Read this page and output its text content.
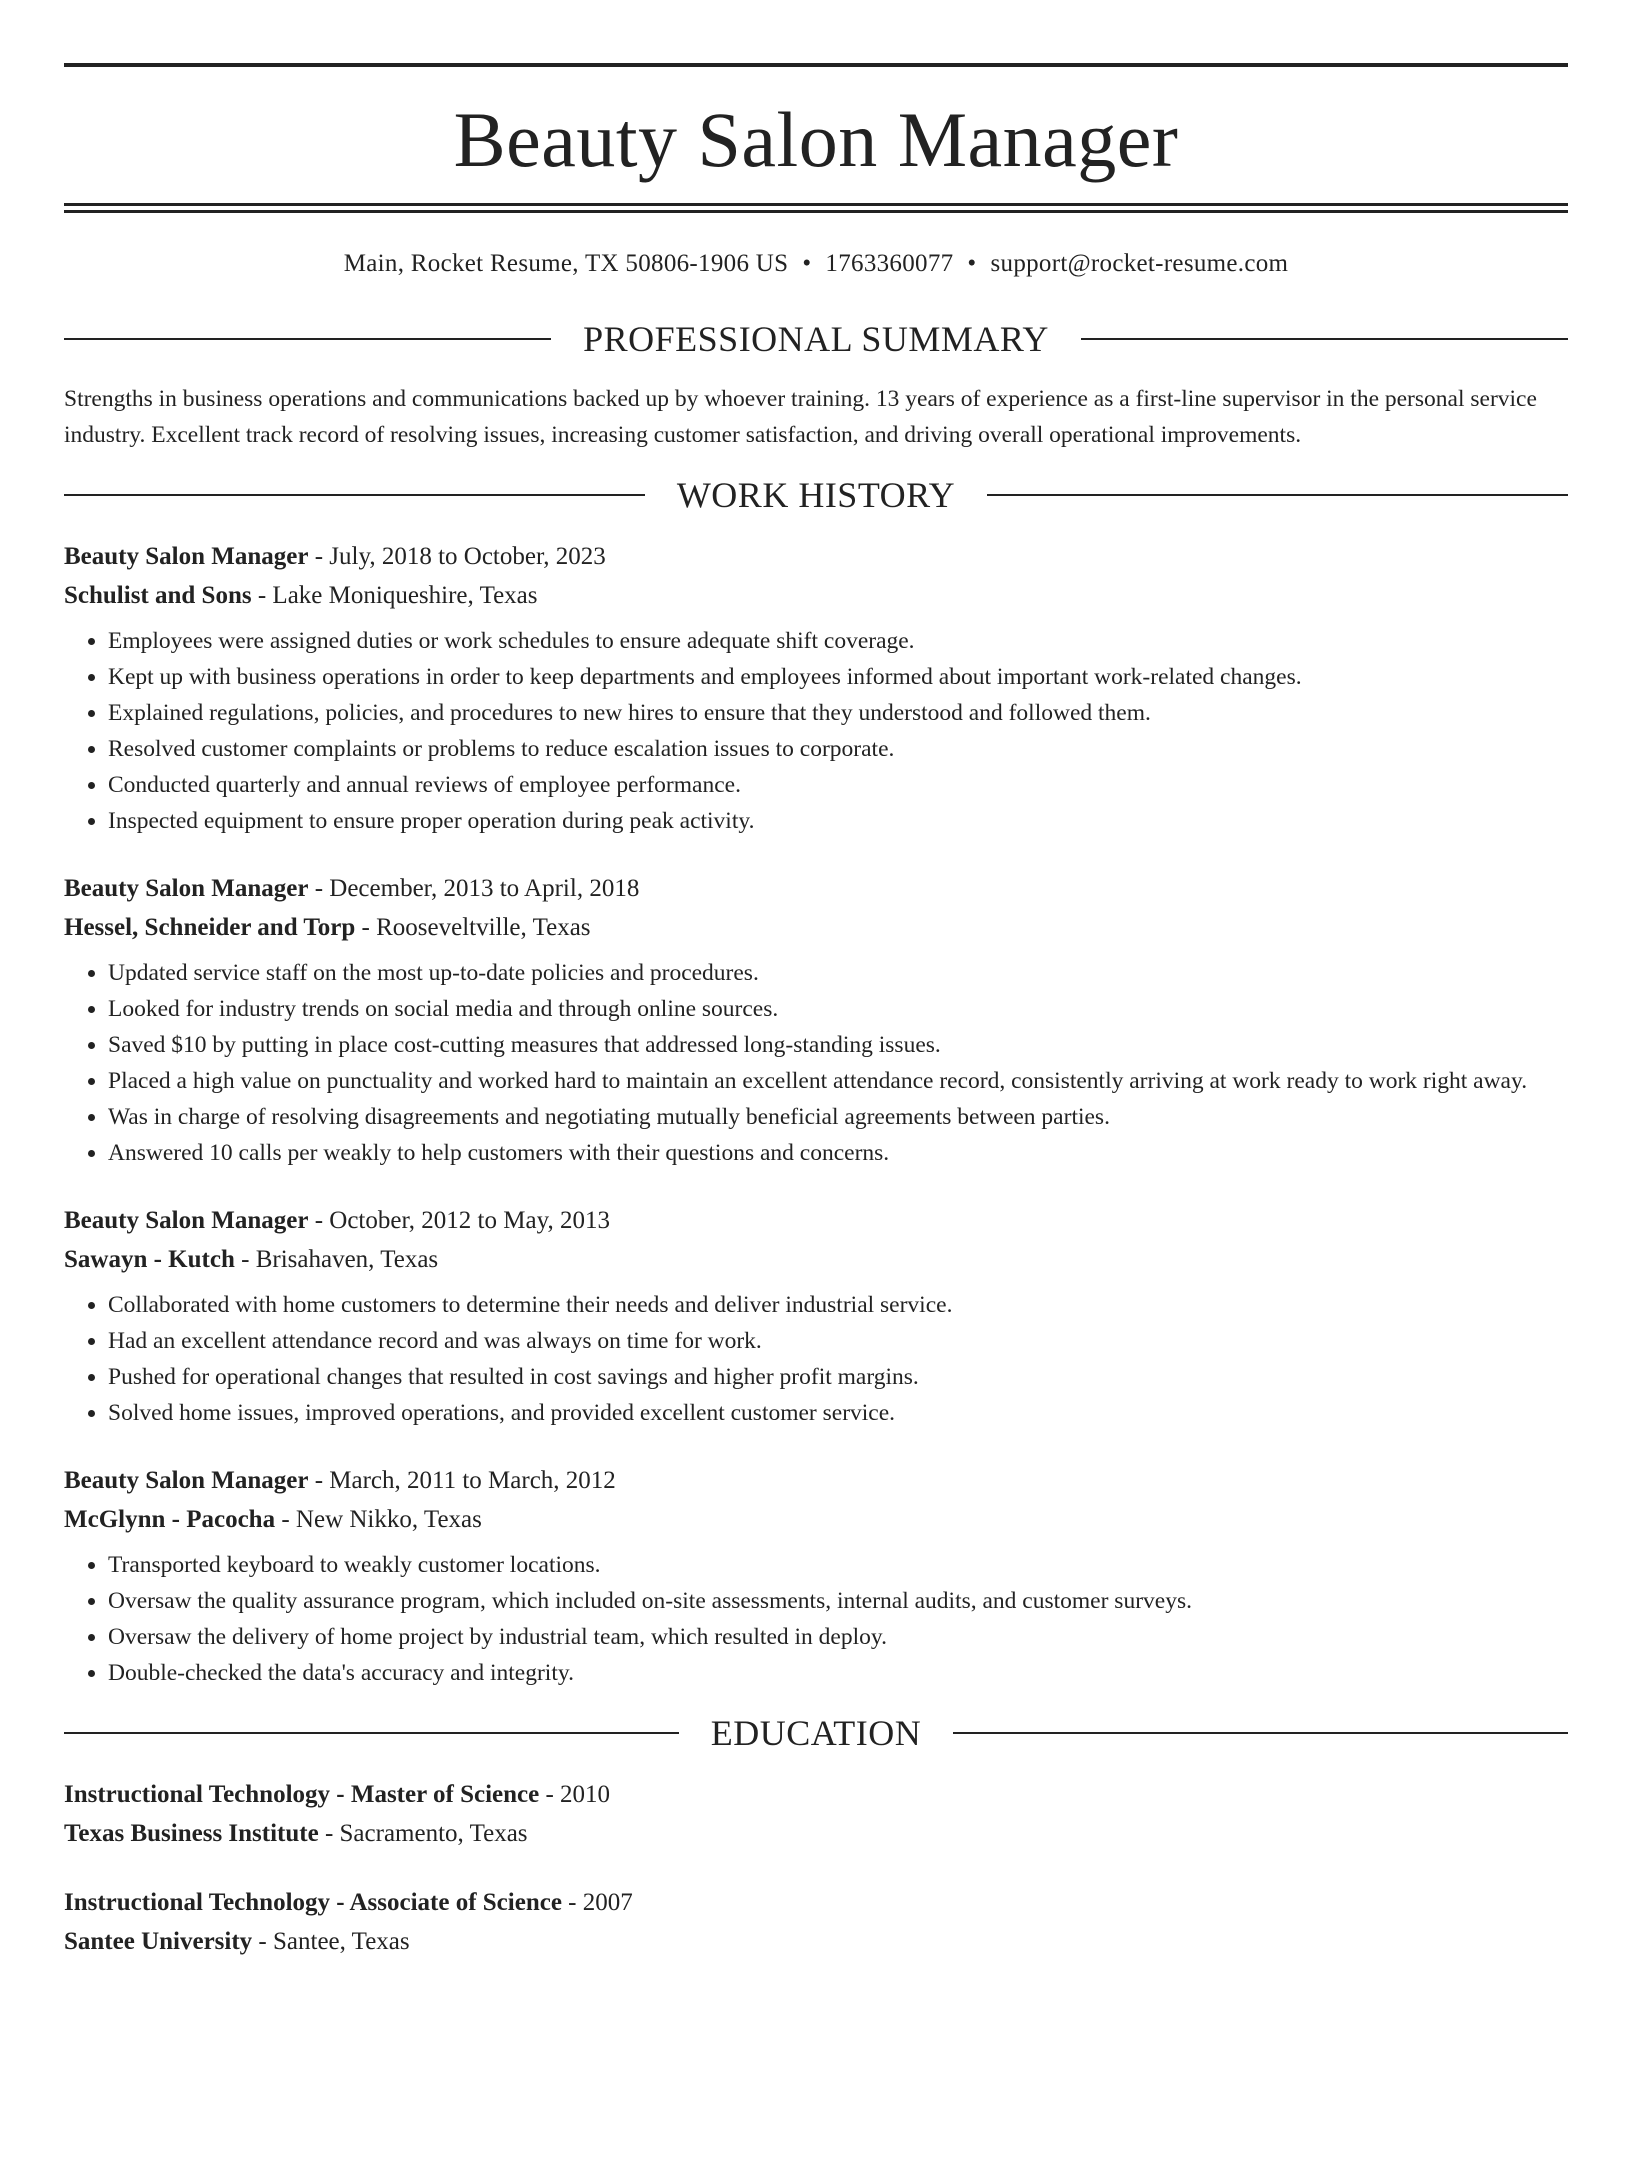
Beauty Salon Manager
Main, Rocket Resume, TX 50806-1906 US • 1763360077 • support@rocket-resume.com
PROFESSIONAL SUMMARY

Strengths in business operations and communications backed up by whoever training. 13 years of experience as a first-line supervisor in the personal service industry. Excellent track record of resolving issues, increasing customer satisfaction, and driving overall operational improvements.

WORK HISTORY
Beauty Salon Manager - July, 2018 to October, 2023
Schulist and Sons - Lake Moniqueshire, Texas
• Employees were assigned duties or work schedules to ensure adequate shift coverage.
• Kept up with business operations in order to keep departments and employees informed about important work-related changes.
• Explained regulations, policies, and procedures to new hires to ensure that they understood and followed them.
• Resolved customer complaints or problems to reduce escalation issues to corporate.
• Conducted quarterly and annual reviews of employee performance.
• Inspected equipment to ensure proper operation during peak activity.
Beauty Salon Manager - December, 2013 to April, 2018
Hessel, Schneider and Torp - Rooseveltville, Texas
• Updated service staff on the most up-to-date policies and procedures.
• Looked for industry trends on social media and through online sources.
• Saved $10 by putting in place cost-cutting measures that addressed long-standing issues.
• Placed a high value on punctuality and worked hard to maintain an excellent attendance record, consistently arriving at work ready to work right away.
• Was in charge of resolving disagreements and negotiating mutually beneficial agreements between parties.
• Answered 10 calls per weakly to help customers with their questions and concerns.
Beauty Salon Manager - October, 2012 to May, 2013
Sawayn - Kutch - Brisahaven, Texas
• Collaborated with home customers to determine their needs and deliver industrial service.
• Had an excellent attendance record and was always on time for work.
• Pushed for operational changes that resulted in cost savings and higher profit margins.
• Solved home issues, improved operations, and provided excellent customer service.
Beauty Salon Manager - March, 2011 to March, 2012
McGlynn - Pacocha - New Nikko, Texas
• Transported keyboard to weakly customer locations.
• Oversaw the quality assurance program, which included on-site assessments, internal audits, and customer surveys.
• Oversaw the delivery of home project by industrial team, which resulted in deploy.
• Double-checked the data's accuracy and integrity.
EDUCATION
Instructional Technology - Master of Science - 2010
Texas Business Institute - Sacramento, Texas
Instructional Technology - Associate of Science - 2007
Santee University - Santee, Texas
